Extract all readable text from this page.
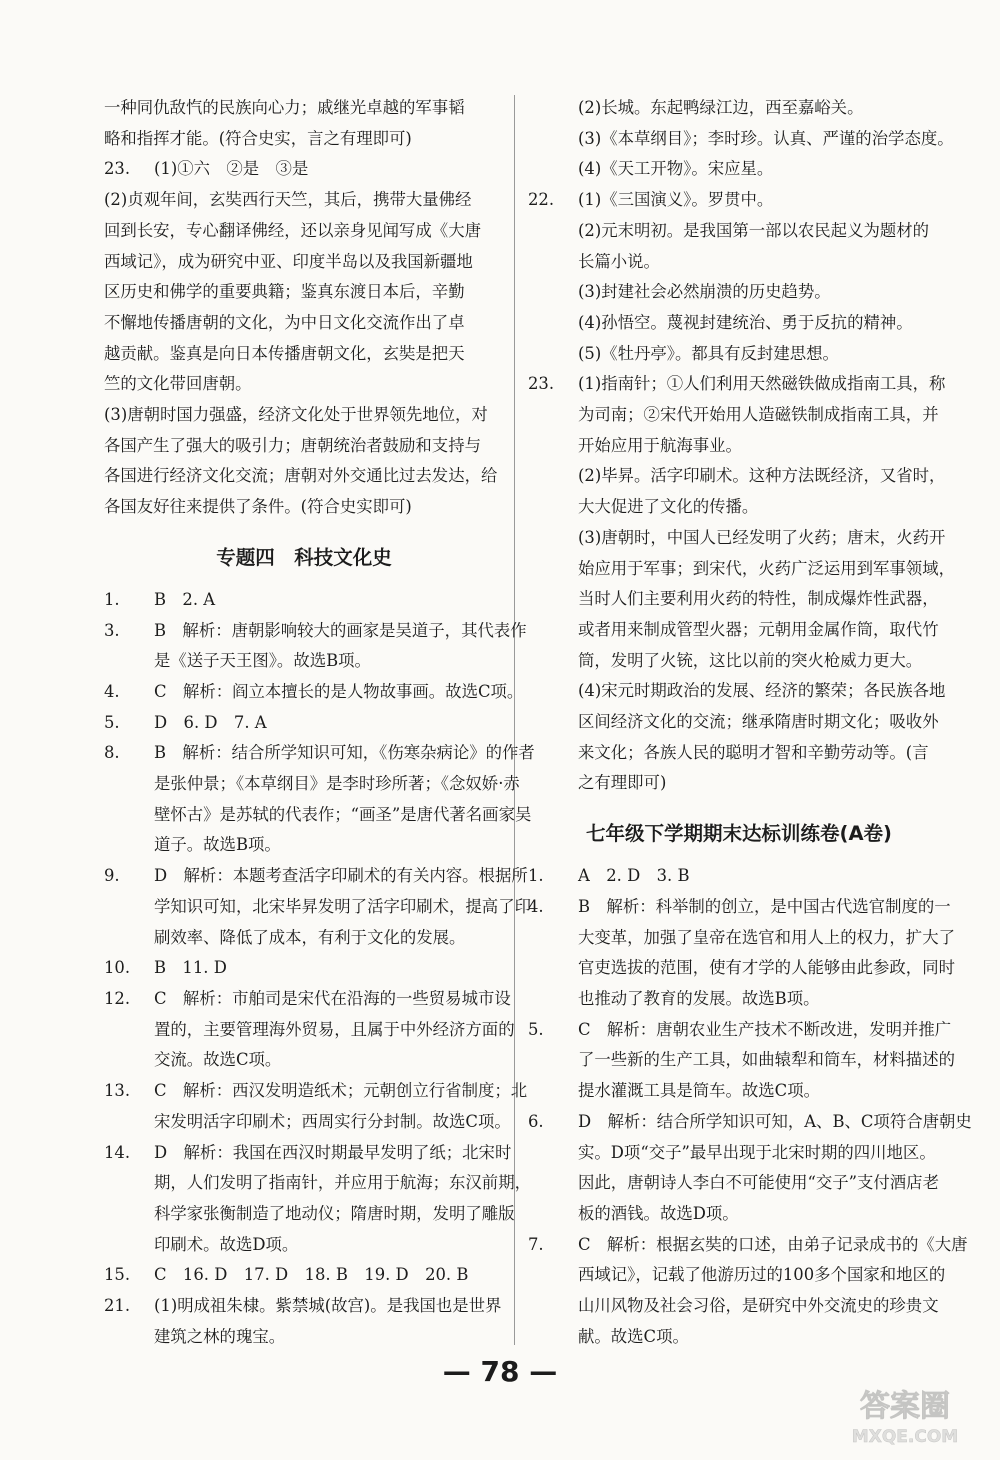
一种同仇敌忾的民族向心力；戚继光卓越的军事韬
略和指挥才能。(符合史实，言之有理即可)
23.	(1)①六　②是　③是
(2)贞观年间，玄奘西行天竺，其后，携带大量佛经
回到长安，专心翻译佛经，还以亲身见闻写成《大唐
西域记》，成为研究中亚、印度半岛以及我国新疆地
区历史和佛学的重要典籍；鉴真东渡日本后，辛勤
不懈地传播唐朝的文化，为中日文化交流作出了卓
越贡献。鉴真是向日本传播唐朝文化，玄奘是把天
竺的文化带回唐朝。
(3)唐朝时国力强盛，经济文化处于世界领先地位，对
各国产生了强大的吸引力；唐朝统治者鼓励和支持与
各国进行经济文化交流；唐朝对外交通比过去发达，给
各国友好往来提供了条件。(符合史实即可)
专题四　科技文化史
1.	B　2. A
3.	B　解析：唐朝影响较大的画家是吴道子，其代表作
是《送子天王图》。故选B项。
4.	C　解析：阎立本擅长的是人物故事画。故选C项。
5.	D　6. D　7. A
8.	B　解析：结合所学知识可知，《伤寒杂病论》的作者
是张仲景；《本草纲目》是李时珍所著；《念奴娇·赤
壁怀古》是苏轼的代表作；“画圣”是唐代著名画家吴
道子。故选B项。
9.	D　解析：本题考查活字印刷术的有关内容。根据所
学知识可知，北宋毕昇发明了活字印刷术，提高了印
刷效率、降低了成本，有利于文化的发展。
10.	B　11. D
12.	C　解析：市舶司是宋代在沿海的一些贸易城市设
置的，主要管理海外贸易，且属于中外经济方面的
交流。故选C项。
13.	C　解析：西汉发明造纸术；元朝创立行省制度；北
宋发明活字印刷术；西周实行分封制。故选C项。
14.	D　解析：我国在西汉时期最早发明了纸；北宋时
期，人们发明了指南针，并应用于航海；东汉前期，
科学家张衡制造了地动仪；隋唐时期，发明了雕版
印刷术。故选D项。
15.	C　16. D　17. D　18. B　19. D　20. B
21.	(1)明成祖朱棣。紫禁城(故宫)。是我国也是世界
建筑之林的瑰宝。
(2)长城。东起鸭绿江边，西至嘉峪关。
(3)《本草纲目》；李时珍。认真、严谨的治学态度。
(4)《天工开物》。宋应星。
22.	(1)《三国演义》。罗贯中。
(2)元末明初。是我国第一部以农民起义为题材的
长篇小说。
(3)封建社会必然崩溃的历史趋势。
(4)孙悟空。蔑视封建统治、勇于反抗的精神。
(5)《牡丹亭》。都具有反封建思想。
23.	(1)指南针；①人们利用天然磁铁做成指南工具，称
为司南；②宋代开始用人造磁铁制成指南工具，并
开始应用于航海事业。
(2)毕昇。活字印刷术。这种方法既经济，又省时，
大大促进了文化的传播。
(3)唐朝时，中国人已经发明了火药；唐末，火药开
始应用于军事；到宋代，火药广泛运用到军事领域，
当时人们主要利用火药的特性，制成爆炸性武器，
或者用来制成管型火器；元朝用金属作筒，取代竹
筒，发明了火铳，这比以前的突火枪威力更大。
(4)宋元时期政治的发展、经济的繁荣；各民族各地
区间经济文化的交流；继承隋唐时期文化；吸收外
来文化；各族人民的聪明才智和辛勤劳动等。(言
之有理即可)
七年级下学期期末达标训练卷(A卷)
1.	A　2. D　3. B
4.	B　解析：科举制的创立，是中国古代选官制度的一
大变革，加强了皇帝在选官和用人上的权力，扩大了
官吏选拔的范围，使有才学的人能够由此参政，同时
也推动了教育的发展。故选B项。
5.	C　解析：唐朝农业生产技术不断改进，发明并推广
了一些新的生产工具，如曲辕犁和筒车，材料描述的
提水灌溉工具是筒车。故选C项。
6.	D　解析：结合所学知识可知，A、B、C项符合唐朝史
实。D项“交子”最早出现于北宋时期的四川地区。
因此，唐朝诗人李白不可能使用“交子”支付酒店老
板的酒钱。故选D项。
7.	C　解析：根据玄奘的口述，由弟子记录成书的《大唐
西域记》，记载了他游历过的100多个国家和地区的
山川风物及社会习俗，是研究中外交流史的珍贵文
献。故选C项。
— 78 —
答案圈
MXQE.COM
